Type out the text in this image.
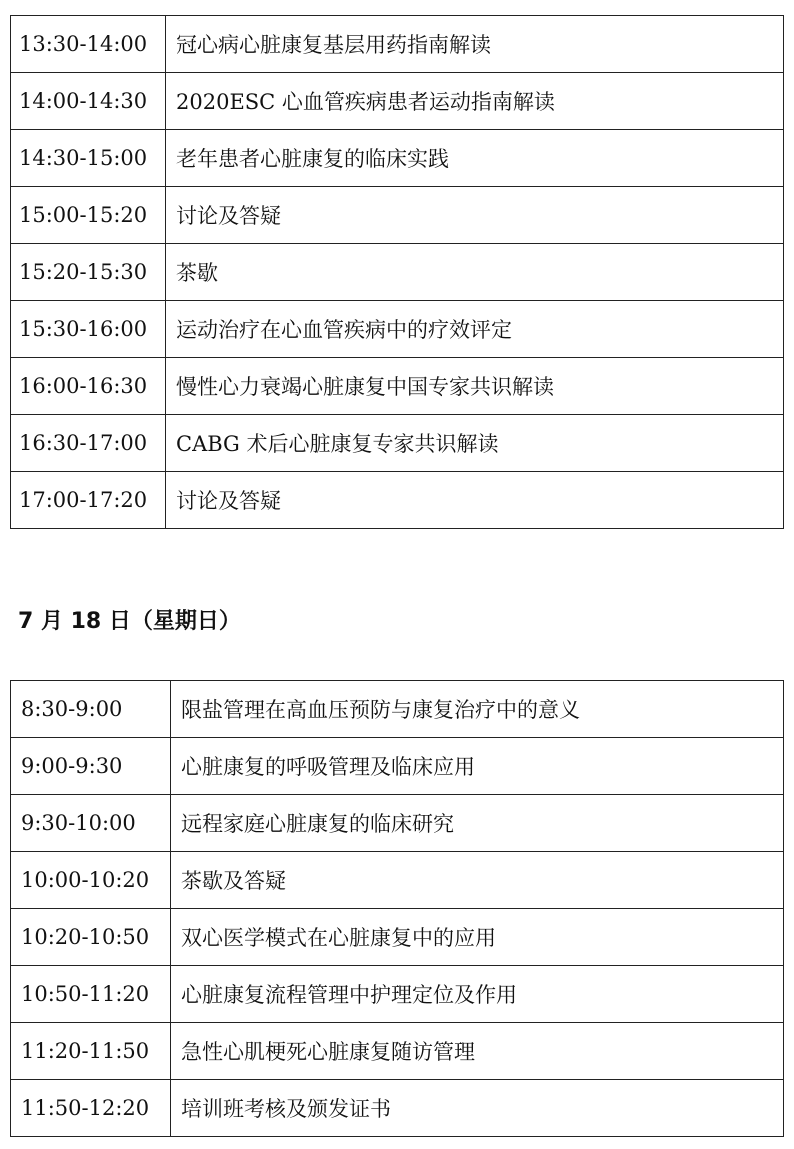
13:30-14:00	冠心病心脏康复基层用药指南解读
14:00-14:30	2020ESC 心血管疾病患者运动指南解读
14:30-15:00	老年患者心脏康复的临床实践
15:00-15:20	讨论及答疑
15:20-15:30	茶歇
15:30-16:00	运动治疗在心血管疾病中的疗效评定
16:00-16:30	慢性心力衰竭心脏康复中国专家共识解读
16:30-17:00	CABG 术后心脏康复专家共识解读
17:00-17:20	讨论及答疑
7 月 18 日（星期日）
8:30-9:00	限盐管理在高血压预防与康复治疗中的意义
9:00-9:30	心脏康复的呼吸管理及临床应用
9:30-10:00	远程家庭心脏康复的临床研究
10:00-10:20	茶歇及答疑
10:20-10:50	双心医学模式在心脏康复中的应用
10:50-11:20	心脏康复流程管理中护理定位及作用
11:20-11:50	急性心肌梗死心脏康复随访管理
11:50-12:20	培训班考核及颁发证书
